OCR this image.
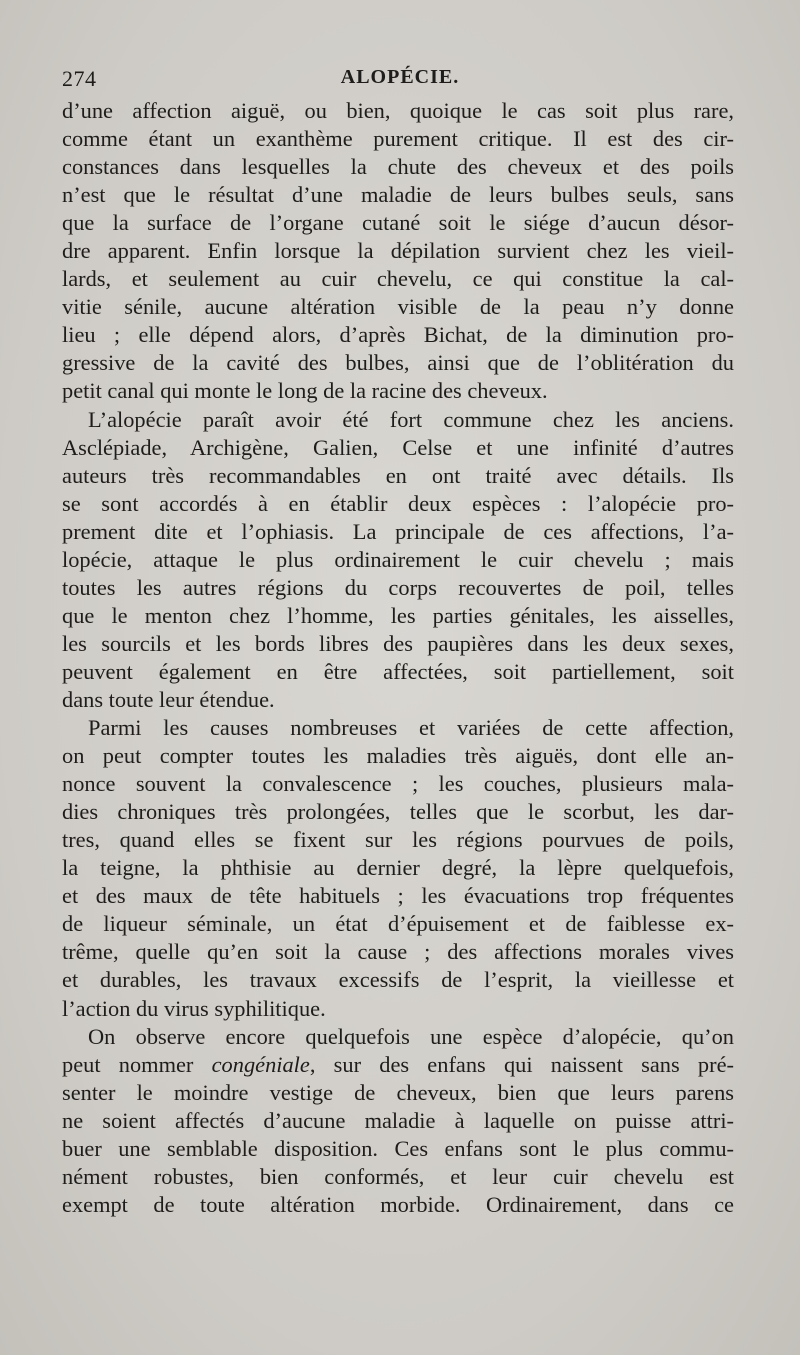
274	ALOPÉCIE.
d’une affection aiguë, ou bien, quoique le cas soit plus rare,
comme étant un exanthème purement critique. Il est des cir-
constances dans lesquelles la chute des cheveux et des poils
n’est que le résultat d’une maladie de leurs bulbes seuls, sans
que la surface de l’organe cutané soit le siége d’aucun désor-
dre apparent. Enfin lorsque la dépilation survient chez les vieil-
lards, et seulement au cuir chevelu, ce qui constitue la cal-
vitie sénile, aucune altération visible de la peau n’y donne
lieu ; elle dépend alors, d’après Bichat, de la diminution pro-
gressive de la cavité des bulbes, ainsi que de l’oblitération du
petit canal qui monte le long de la racine des cheveux.
L’alopécie paraît avoir été fort commune chez les anciens.
Asclépiade, Archigène, Galien, Celse et une infinité d’autres
auteurs très recommandables en ont traité avec détails. Ils
se sont accordés à en établir deux espèces : l’alopécie pro-
prement dite et l’ophiasis. La principale de ces affections, l’a-
lopécie, attaque le plus ordinairement le cuir chevelu ; mais
toutes les autres régions du corps recouvertes de poil, telles
que le menton chez l’homme, les parties génitales, les aisselles,
les sourcils et les bords libres des paupières dans les deux sexes,
peuvent également en être affectées, soit partiellement, soit
dans toute leur étendue.
Parmi les causes nombreuses et variées de cette affection,
on peut compter toutes les maladies très aiguës, dont elle an-
nonce souvent la convalescence ; les couches, plusieurs mala-
dies chroniques très prolongées, telles que le scorbut, les dar-
tres, quand elles se fixent sur les régions pourvues de poils,
la teigne, la phthisie au dernier degré, la lèpre quelquefois,
et des maux de tête habituels ; les évacuations trop fréquentes
de liqueur séminale, un état d’épuisement et de faiblesse ex-
trême, quelle qu’en soit la cause ; des affections morales vives
et durables, les travaux excessifs de l’esprit, la vieillesse et
l’action du virus syphilitique.
On observe encore quelquefois une espèce d’alopécie, qu’on
peut nommer congéniale, sur des enfans qui naissent sans pré-
senter le moindre vestige de cheveux, bien que leurs parens
ne soient affectés d’aucune maladie à laquelle on puisse attri-
buer une semblable disposition. Ces enfans sont le plus commu-
nément robustes, bien conformés, et leur cuir chevelu est
exempt de toute altération morbide. Ordinairement, dans ce
